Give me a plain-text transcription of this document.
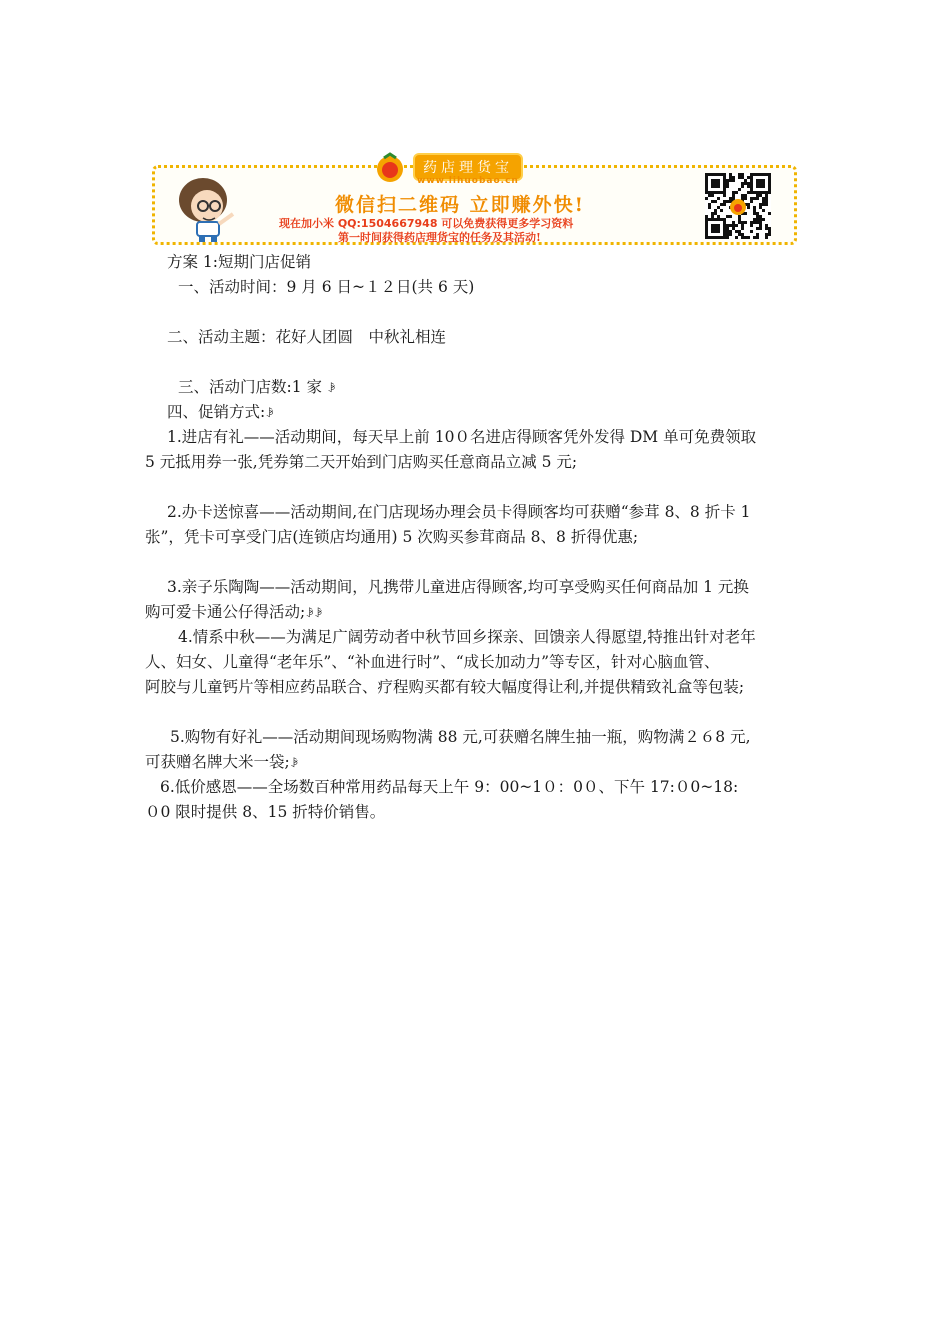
药店理货宝
www.lihuobao.cn
微信扫二维码 立即赚外快!
现在加小米 QQ:1504667948 可以免费获得更多学习资料
第一时间获得药店理货宝的任务及其活动!
方案 1:短期门店促销
一、活动时间：9 月 6 日~１２日(共 6 天)
二、活动主题：花好人团圆　中秋礼相连
三、活动门店数:1 家 ꆃ
四、促销方式:ꆃ
1.进店有礼——活动期间，每天早上前 10０名进店得顾客凭外发得 DM 单可免费领取
5 元抵用券一张,凭券第二天开始到门店购买任意商品立减 5 元;
2.办卡送惊喜——活动期间,在门店现场办理会员卡得顾客均可获赠“参茸 8、8 折卡 1
张”，凭卡可享受门店(连锁店均通用) 5 次购买参茸商品 8、8 折得优惠;
3.亲子乐陶陶——活动期间，凡携带儿童进店得顾客,均可享受购买任何商品加 1 元换
购可爱卡通公仔得活动;ꆃꆃ
4.情系中秋——为满足广阔劳动者中秋节回乡探亲、回馈亲人得愿望,特推出针对老年
人、妇女、儿童得“老年乐”、“补血进行时”、“成长加动力”等专区，针对心脑血管、
阿胶与儿童钙片等相应药品联合、疗程购买都有较大幅度得让利,并提供精致礼盒等包装;
5.购物有好礼——活动期间现场购物满 88 元,可获赠名牌生抽一瓶，购物满２６8 元,
可获赠名牌大米一袋;ꆃ
6.低价感恩——全场数百种常用药品每天上午 9：00~1０：0０、下午 17:０0~18:
０0 限时提供 8、15 折特价销售。
